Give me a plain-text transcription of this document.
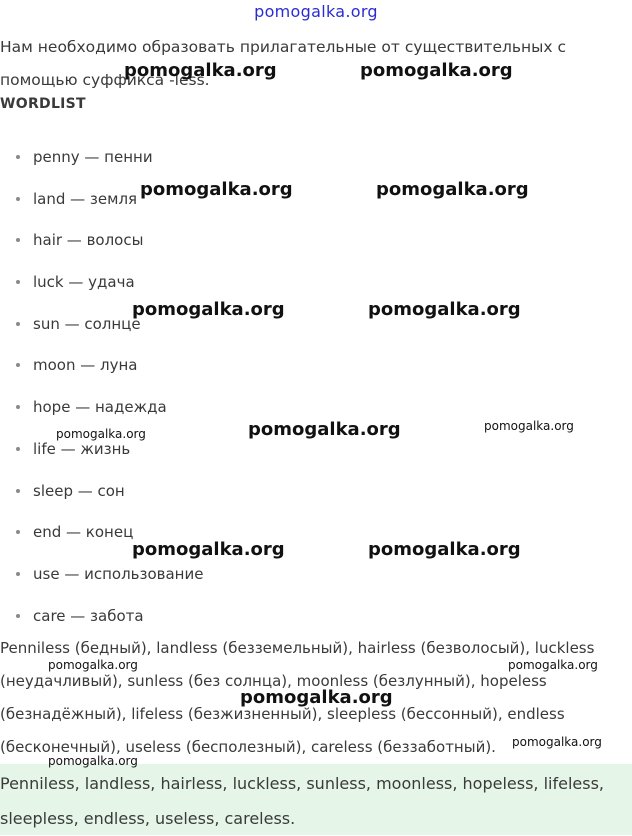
pomogalka.org

Нам необходимо образовать прилагательные от существительных с помощью суффикса -less.

WORDLIST
penny — пенни
land — земля
hair — волосы
luck — удача
sun — солнце
moon — луна
hope — надежда
life — жизнь
sleep — сон
end — конец
use — использование
care — забота

Penniless (бедный), landless (безземельный), hairless (безволосый), luckless (неудачливый), sunless (без солнца), moonless (безлунный), hopeless (безнадёжный), lifeless (безжизненный), sleepless (бессонный), endless (бесконечный), useless (бесполезный), careless (беззаботный).

Penniless, landless, hairless, luckless, sunless, moonless, hopeless, lifeless, sleepless, endless, useless, careless.
pomogalka.org	pomogalka.org
pomogalka.org	pomogalka.org
pomogalka.org	pomogalka.org
pomogalka.org	pomogalka.org	pomogalka.org
pomogalka.org	pomogalka.org
pomogalka.org	pomogalka.org
pomogalka.org
pomogalka.org
pomogalka.org
